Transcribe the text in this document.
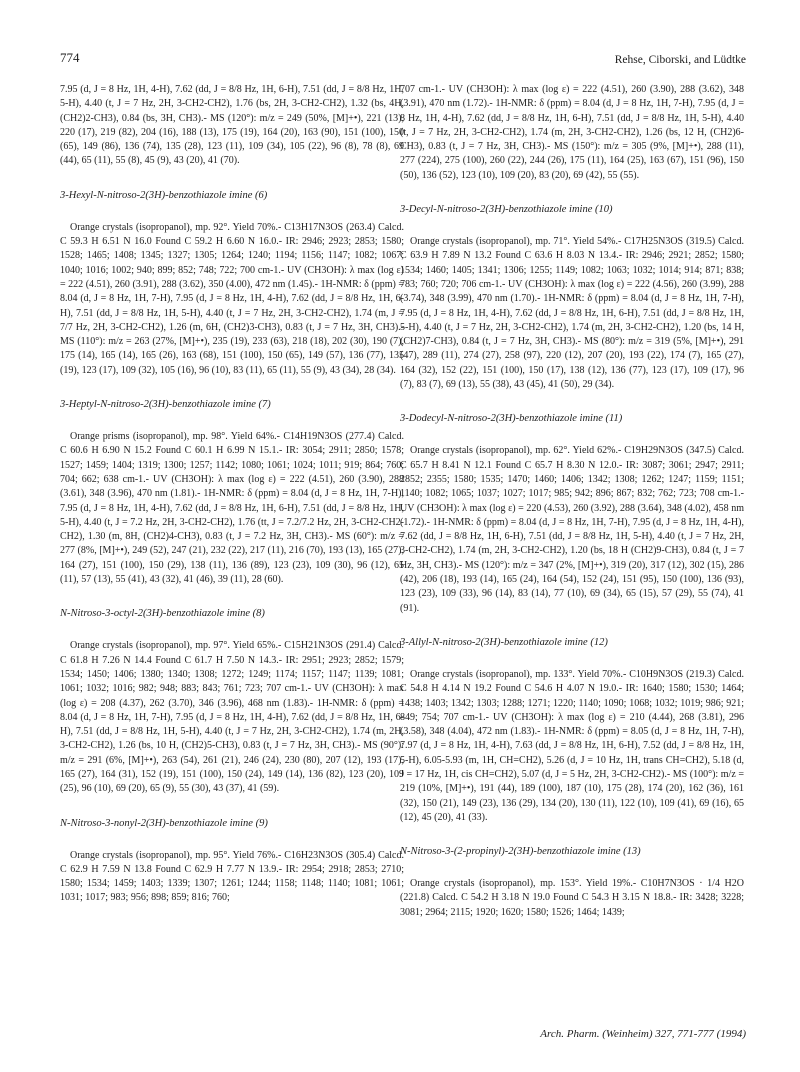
774	Rehse, Ciborski, and Lüdtke

7.95 (d, J = 8 Hz, 1H, 4-H), 7.62 (dd, J = 8/8 Hz, 1H, 6-H), 7.51 (dd, J = 8/8 Hz, 1H, 5-H), 4.40 (t, J = 7 Hz, 2H, 3-CH2-CH2), 1.76 (bs, 2H, 3-CH2-CH2), 1.32 (bs, 4H, (CH2)2-CH3), 0.84 (bs, 3H, CH3).- MS (120°): m/z = 249 (50%, [M]+•), 221 (13), 220 (17), 219 (82), 204 (16), 188 (13), 175 (19), 164 (20), 163 (90), 151 (100), 150 (65), 149 (86), 136 (74), 135 (28), 123 (11), 109 (34), 105 (22), 96 (8), 78 (8), 69 (44), 65 (11), 55 (8), 45 (9), 43 (20), 41 (70).

3-Hexyl-N-nitroso-2(3H)-benzothiazole imine (6)

Orange crystals (isopropanol), mp. 92°. Yield 70%.- C13H17N3OS (263.4) Calcd. C 59.3 H 6.51 N 16.0 Found C 59.2 H 6.60 N 16.0.- IR: 2946; 2923; 2853; 1580; 1528; 1465; 1408; 1345; 1327; 1305; 1264; 1240; 1194; 1156; 1147; 1082; 1067; 1040; 1016; 1002; 940; 899; 852; 748; 722; 700 cm-1.- UV (CH3OH): λ max (log ε) = 222 (4.51), 260 (3.91), 288 (3.62), 350 (4.00), 472 nm (1.45).- 1H-NMR: δ (ppm) = 8.04 (d, J = 8 Hz, 1H, 7-H), 7.95 (d, J = 8 Hz, 1H, 4-H), 7.62 (dd, J = 8/8 Hz, 1H, 6-H), 7.51 (dd, J = 8/8 Hz, 1H, 5-H), 4.40 (t, J = 7 Hz, 2H, 3-CH2-CH2), 1.74 (m, J = 7/7 Hz, 2H, 3-CH2-CH2), 1.26 (m, 6H, (CH2)3-CH3), 0.83 (t, J = 7 Hz, 3H, CH3).- MS (110°): m/z = 263 (27%, [M]+•), 235 (19), 233 (63), 218 (18), 202 (30), 190 (7), 175 (14), 165 (14), 165 (26), 163 (68), 151 (100), 150 (65), 149 (57), 136 (77), 135 (19), 123 (17), 109 (32), 105 (16), 96 (10), 83 (11), 65 (11), 55 (9), 43 (34), 28 (34).

3-Heptyl-N-nitroso-2(3H)-benzothiazole imine (7)

Orange prisms (isopropanol), mp. 98°. Yield 64%.- C14H19N3OS (277.4) Calcd. C 60.6 H 6.90 N 15.2 Found C 60.1 H 6.99 N 15.1.- IR: 3054; 2911; 2850; 1578; 1527; 1459; 1404; 1319; 1300; 1257; 1142; 1080; 1061; 1024; 1011; 919; 864; 760; 704; 662; 638 cm-1.- UV (CH3OH): λ max (log ε) = 222 (4.51), 260 (3.90), 288 (3.61), 348 (3.96), 470 nm (1.81).- 1H-NMR: δ (ppm) = 8.04 (d, J = 8 Hz, 1H, 7-H), 7.95 (d, J = 8 Hz, 1H, 4-H), 7.62 (dd, J = 8/8 Hz, 1H, 6-H), 7.51 (dd, J = 8/8 Hz, 1H, 5-H), 4.40 (t, J = 7.2 Hz, 2H, 3-CH2-CH2), 1.76 (tt, J = 7.2/7.2 Hz, 2H, 3-CH2-CH2-CH2), 1.30 (m, 8H, (CH2)4-CH3), 0.83 (t, J = 7.2 Hz, 3H, CH3).- MS (60°): m/z = 277 (8%, [M]+•), 249 (52), 247 (21), 232 (22), 217 (11), 216 (70), 193 (13), 165 (27), 164 (27), 151 (100), 150 (29), 138 (11), 136 (89), 123 (23), 109 (30), 96 (12), 65 (11), 57 (13), 55 (41), 43 (32), 41 (46), 39 (11), 28 (60).

N-Nitroso-3-octyl-2(3H)-benzothiazole imine (8)

Orange crystals (isopropanol), mp. 97°. Yield 65%.- C15H21N3OS (291.4) Calcd. C 61.8 H 7.26 N 14.4 Found C 61.7 H 7.50 N 14.3.- IR: 2951; 2923; 2852; 1579; 1534; 1450; 1406; 1380; 1340; 1308; 1272; 1249; 1174; 1157; 1147; 1139; 1081; 1061; 1032; 1016; 982; 948; 883; 843; 761; 723; 707 cm-1.- UV (CH3OH): λ max (log ε) = 208 (4.37), 262 (3.70), 346 (3.96), 468 nm (1.83).- 1H-NMR: δ (ppm) = 8.04 (d, J = 8 Hz, 1H, 7-H), 7.95 (d, J = 8 Hz, 1H, 4-H), 7.62 (dd, J = 8/8 Hz, 1H, 6-H), 7.51 (dd, J = 8/8 Hz, 1H, 5-H), 4.40 (t, J = 7 Hz, 2H, 3-CH2-CH2), 1.74 (m, 2H, 3-CH2-CH2), 1.26 (bs, 10 H, (CH2)5-CH3), 0.83 (t, J = 7 Hz, 3H, CH3).- MS (90°): m/z = 291 (6%, [M]+•), 263 (54), 261 (21), 246 (24), 230 (80), 207 (12), 193 (17), 165 (27), 164 (31), 152 (19), 151 (100), 150 (24), 149 (14), 136 (82), 123 (20), 109 (25), 96 (10), 69 (20), 65 (9), 55 (30), 43 (37), 41 (59).

N-Nitroso-3-nonyl-2(3H)-benzothiazole imine (9)

Orange crystals (isopropanol), mp. 95°. Yield 76%.- C16H23N3OS (305.4) Calcd. C 62.9 H 7.59 N 13.8 Found C 62.9 H 7.77 N 13.9.- IR: 2954; 2918; 2853; 2710; 1580; 1534; 1459; 1403; 1339; 1307; 1261; 1244; 1158; 1148; 1140; 1081; 1061; 1031; 1017; 983; 956; 898; 859; 816; 760;

707 cm-1.- UV (CH3OH): λ max (log ε) = 222 (4.51), 260 (3.90), 288 (3.62), 348 (3.91), 470 nm (1.72).- 1H-NMR: δ (ppm) = 8.04 (d, J = 8 Hz, 1H, 7-H), 7.95 (d, J = 8 Hz, 1H, 4-H), 7.62 (dd, J = 8/8 Hz, 1H, 6-H), 7.51 (dd, J = 8/8 Hz, 1H, 5-H), 4.40 (t, J = 7 Hz, 2H, 3-CH2-CH2), 1.74 (m, 2H, 3-CH2-CH2), 1.26 (bs, 12 H, (CH2)6-CH3), 0.83 (t, J = 7 Hz, 3H, CH3).- MS (150°): m/z = 305 (9%, [M]+•), 288 (11), 277 (224), 275 (100), 260 (22), 244 (26), 175 (11), 164 (25), 163 (67), 151 (96), 150 (50), 136 (52), 123 (10), 109 (20), 83 (20), 69 (42), 55 (55).

3-Decyl-N-nitroso-2(3H)-benzothiazole imine (10)

Orange crystals (isopropanol), mp. 71°. Yield 54%.- C17H25N3OS (319.5) Calcd. C 63.9 H 7.89 N 13.2 Found C 63.6 H 8.03 N 13.4.- IR: 2946; 2921; 2852; 1580; 1534; 1460; 1405; 1341; 1306; 1255; 1149; 1082; 1063; 1032; 1014; 914; 871; 838; 783; 760; 720; 706 cm-1.- UV (CH3OH): λ max (log ε) = 222 (4.56), 260 (3.99), 288 (3.74), 348 (3.99), 470 nm (1.70).- 1H-NMR: δ (ppm) = 8.04 (d, J = 8 Hz, 1H, 7-H), 7.95 (d, J = 8 Hz, 1H, 4-H), 7.62 (dd, J = 8/8 Hz, 1H, 6-H), 7.51 (dd, J = 8/8 Hz, 1H, 5-H), 4.40 (t, J = 7 Hz, 2H, 3-CH2-CH2), 1.74 (m, 2H, 3-CH2-CH2), 1.20 (bs, 14 H, (CH2)7-CH3), 0.84 (t, J = 7 Hz, 3H, CH3).- MS (80°): m/z = 319 (5%, [M]+•), 291 (47), 289 (11), 274 (27), 258 (97), 220 (12), 207 (20), 193 (22), 174 (7), 165 (27), 164 (32), 152 (22), 151 (100), 150 (17), 138 (12), 136 (77), 123 (17), 109 (17), 96 (7), 83 (7), 69 (13), 55 (38), 43 (45), 41 (50), 29 (34).

3-Dodecyl-N-nitroso-2(3H)-benzothiazole imine (11)

Orange crystals (isopropanol), mp. 62°. Yield 62%.- C19H29N3OS (347.5) Calcd. C 65.7 H 8.41 N 12.1 Found C 65.7 H 8.30 N 12.0.- IR: 3087; 3061; 2947; 2911; 2852; 2355; 1580; 1535; 1470; 1460; 1406; 1342; 1308; 1262; 1247; 1159; 1151; 1140; 1082; 1065; 1037; 1027; 1017; 985; 942; 896; 867; 832; 762; 723; 708 cm-1.- UV (CH3OH): λ max (log ε) = 220 (4.53), 260 (3.92), 288 (3.64), 348 (4.02), 458 nm (1.72).- 1H-NMR: δ (ppm) = 8.04 (d, J = 8 Hz, 1H, 7-H), 7.95 (d, J = 8 Hz, 1H, 4-H), 7.62 (dd, J = 8/8 Hz, 1H, 6-H), 7.51 (dd, J = 8/8 Hz, 1H, 5-H), 4.40 (t, J = 7 Hz, 2H, 3-CH2-CH2), 1.74 (m, 2H, 3-CH2-CH2), 1.20 (bs, 18 H (CH2)9-CH3), 0.84 (t, J = 7 Hz, 3H, CH3).- MS (120°): m/z = 347 (2%, [M]+•), 319 (20), 317 (12), 302 (15), 286 (42), 206 (18), 193 (14), 165 (24), 164 (54), 152 (24), 151 (95), 150 (100), 136 (93), 123 (23), 109 (33), 96 (14), 83 (14), 77 (10), 69 (34), 65 (15), 57 (29), 55 (74), 41 (91).

3-Allyl-N-nitroso-2(3H)-benzothiazole imine (12)

Orange crystals (isopropanol), mp. 133°. Yield 70%.- C10H9N3OS (219.3) Calcd. C 54.8 H 4.14 N 19.2 Found C 54.6 H 4.07 N 19.0.- IR: 1640; 1580; 1530; 1464; 1438; 1403; 1342; 1303; 1288; 1271; 1220; 1140; 1090; 1068; 1032; 1019; 986; 921; 849; 754; 707 cm-1.- UV (CH3OH): λ max (log ε) = 210 (4.44), 268 (3.81), 296 (3.58), 348 (4.04), 472 nm (1.83).- 1H-NMR: δ (ppm) = 8.05 (d, J = 8 Hz, 1H, 7-H), 7.97 (d, J = 8 Hz, 1H, 4-H), 7.63 (dd, J = 8/8 Hz, 1H, 6-H), 7.52 (dd, J = 8/8 Hz, 1H, 5-H), 6.05-5.93 (m, 1H, CH=CH2), 5.26 (d, J = 10 Hz, 1H, trans CH=CH2), 5.18 (d, J = 17 Hz, 1H, cis CH=CH2), 5.07 (d, J = 5 Hz, 2H, 3-CH2-CH2).- MS (100°): m/z = 219 (10%, [M]+•), 191 (44), 189 (100), 187 (10), 175 (28), 174 (20), 162 (36), 161 (32), 150 (21), 149 (23), 136 (29), 134 (20), 130 (11), 122 (10), 109 (41), 69 (16), 65 (12), 45 (20), 41 (33).

N-Nitroso-3-(2-propinyl)-2(3H)-benzothiazole imine (13)

Orange crystals (isopropanol), mp. 153°. Yield 19%.- C10H7N3OS · 1/4 H2O (221.8) Calcd. C 54.2 H 3.18 N 19.0 Found C 54.3 H 3.15 N 18.8.- IR: 3428; 3228; 3081; 2964; 2115; 1920; 1620; 1580; 1526; 1464; 1439;

Arch. Pharm. (Weinheim) 327, 771-777 (1994)
